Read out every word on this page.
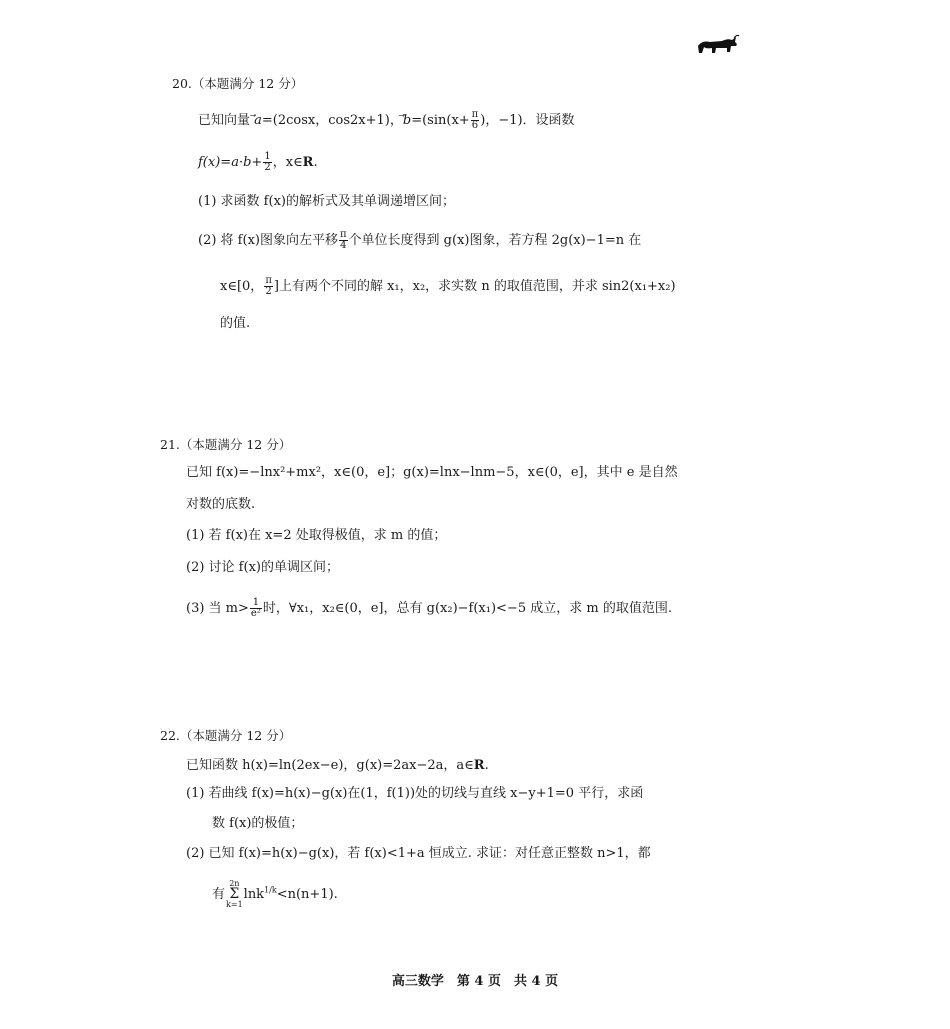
20.（本题满分 12 分）
已知向量 a=(2cosx，cos2x+1)，$b=(\sin(x+ \frac{\pi}{6}$ )，−1)．设函数
$f(x)=a\cdot b+ \frac{1}{2}$ ，x∈R.
(1) 求函数 f(x)的解析式及其单调递增区间；
(2) 将 f(x)图象向左平移 $\frac{\pi}{4}$ 个单位长度得到 g(x)图象，若方程 2g(x)−1=n 在
x∈[0， $\frac{\pi}{2}$ ]上有两个不同的解 x₁，x₂，求实数 n 的取值范围，并求 sin2(x₁+x₂)
的值.
21.（本题满分 12 分）
已知 f(x)=−lnx²+mx²，x∈(0，e]；g(x)=lnx−lnm−5，x∈(0，e]，其中 e 是自然
对数的底数.
(1) 若 f(x)在 x=2 处取得极值，求 m 的值；
(2) 讨论 f(x)的单调区间；
(3) 当 $m> \frac{1}{\text{e²}}$ 时，∀x₁，x₂∈(0，e]，总有 g(x₂)−f(x₁)<−5 成立，求 m 的取值范围.
22.（本题满分 12 分）
已知函数 h(x)=ln(2ex−e)，g(x)=2ax−2a，a∈R.
(1) 若曲线 f(x)=h(x)−g(x)在(1，f(1))处的切线与直线 x−y+1=0 平行，求函
数 f(x)的极值；
(2) 已知 f(x)=h(x)−g(x)，若 f(x)<1+a 恒成立. 求证：对任意正整数 n>1，都
有2n
Σ
k=1lnk$^{1/k}$<n(n+1).
高三数学　第 4 页　共 4 页
